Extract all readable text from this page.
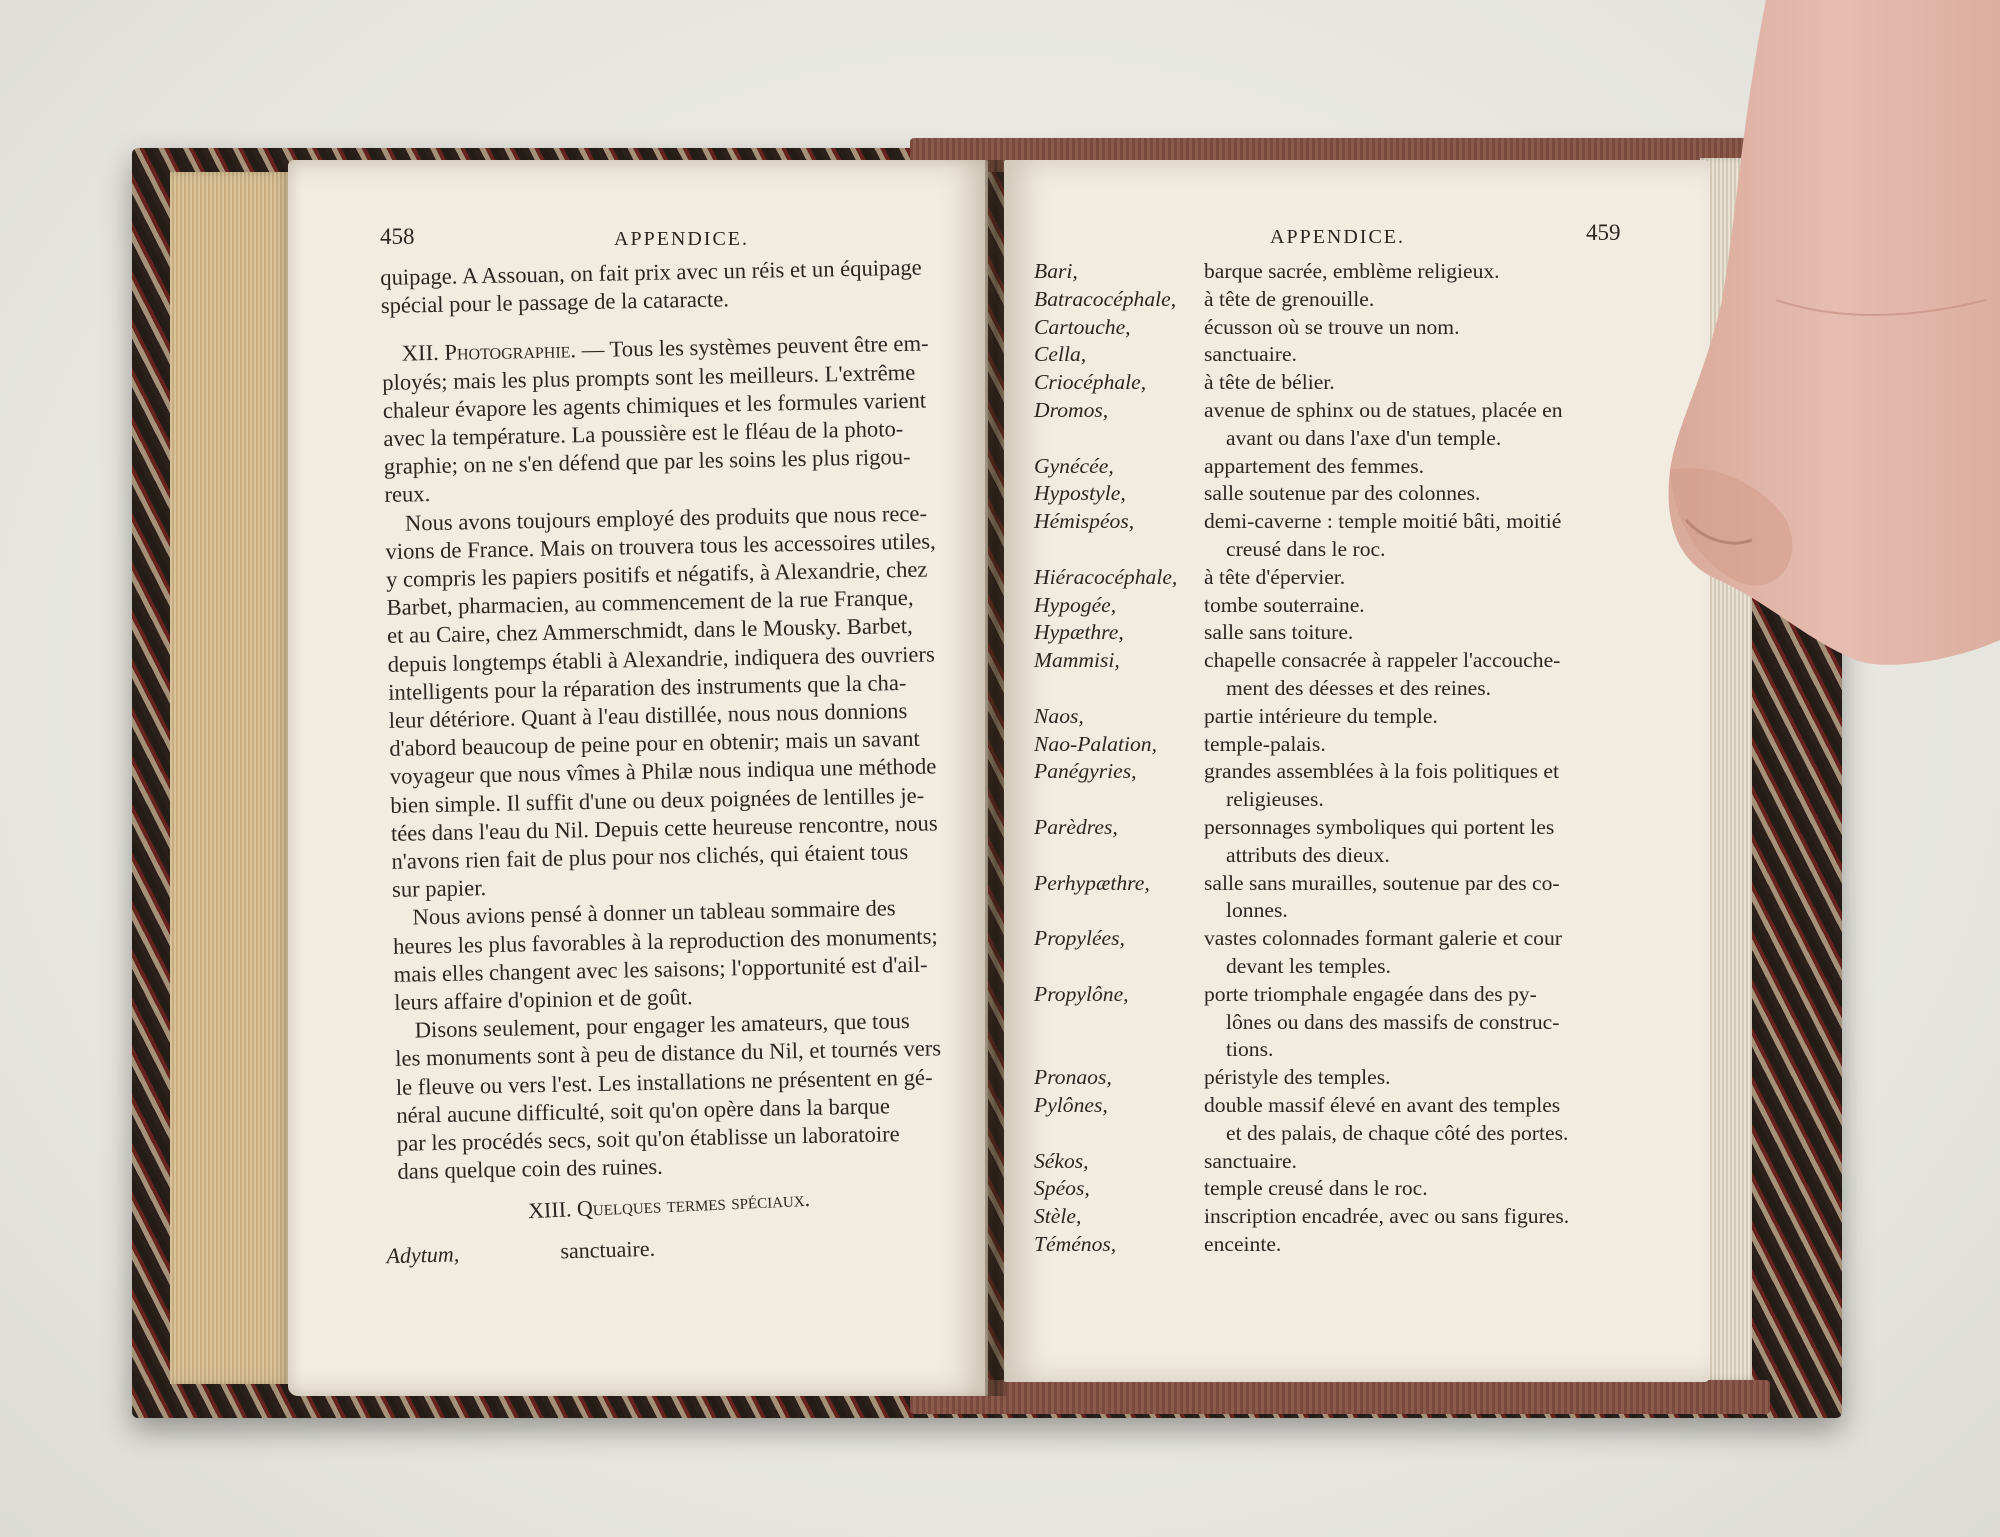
458	APPENDICE.

quipage. A Assouan, on fait prix avec un réis et un équipage

spécial pour le passage de la cataracte.

XII. Photographie. — Tous les systèmes peuvent être em-

ployés; mais les plus prompts sont les meilleurs. L'extrême

chaleur évapore les agents chimiques et les formules varient

avec la température. La poussière est le fléau de la photo-

graphie; on ne s'en défend que par les soins les plus rigou-

reux.

Nous avons toujours employé des produits que nous rece-

vions de France. Mais on trouvera tous les accessoires utiles,

y compris les papiers positifs et négatifs, à Alexandrie, chez

Barbet, pharmacien, au commencement de la rue Franque,

et au Caire, chez Ammerschmidt, dans le Mousky. Barbet,

depuis longtemps établi à Alexandrie, indiquera des ouvriers

intelligents pour la réparation des instruments que la cha-

leur détériore. Quant à l'eau distillée, nous nous donnions

d'abord beaucoup de peine pour en obtenir; mais un savant

voyageur que nous vîmes à Philæ nous indiqua une méthode

bien simple. Il suffit d'une ou deux poignées de lentilles je-

tées dans l'eau du Nil. Depuis cette heureuse rencontre, nous

n'avons rien fait de plus pour nos clichés, qui étaient tous

sur papier.

Nous avions pensé à donner un tableau sommaire des

heures les plus favorables à la reproduction des monuments;

mais elles changent avec les saisons; l'opportunité est d'ail-

leurs affaire d'opinion et de goût.

Disons seulement, pour engager les amateurs, que tous

les monuments sont à peu de distance du Nil, et tournés vers

le fleuve ou vers l'est. Les installations ne présentent en gé-

néral aucune difficulté, soit qu'on opère dans la barque

par les procédés secs, soit qu'on établisse un laboratoire

dans quelque coin des ruines.

XIII. Quelques termes spéciaux.
Adytum,	sanctuaire.
APPENDICE.	459
Bari,	barque sacrée, emblème religieux.
Batracocéphale,	à tête de grenouille.
Cartouche,	écusson où se trouve un nom.
Cella,	sanctuaire.
Criocéphale,	à tête de bélier.
Dromos,	avenue de sphinx ou de statues, placée en
avant ou dans l'axe d'un temple.
Gynécée,	appartement des femmes.
Hypostyle,	salle soutenue par des colonnes.
Hémispéos,	demi-caverne : temple moitié bâti, moitié
creusé dans le roc.
Hiéracocéphale,	à tête d'épervier.
Hypogée,	tombe souterraine.
Hypæthre,	salle sans toiture.
Mammisi,	chapelle consacrée à rappeler l'accouche-
ment des déesses et des reines.
Naos,	partie intérieure du temple.
Nao-Palation,	temple-palais.
Panégyries,	grandes assemblées à la fois politiques et
religieuses.
Parèdres,	personnages symboliques qui portent les
attributs des dieux.
Perhypæthre,	salle sans murailles, soutenue par des co-
lonnes.
Propylées,	vastes colonnades formant galerie et cour
devant les temples.
Propylône,	porte triomphale engagée dans des py-
lônes ou dans des massifs de construc-
tions.
Pronaos,	péristyle des temples.
Pylônes,	double massif élevé en avant des temples
et des palais, de chaque côté des portes.
Sékos,	sanctuaire.
Spéos,	temple creusé dans le roc.
Stèle,	inscription encadrée, avec ou sans figures.
Téménos,	enceinte.
